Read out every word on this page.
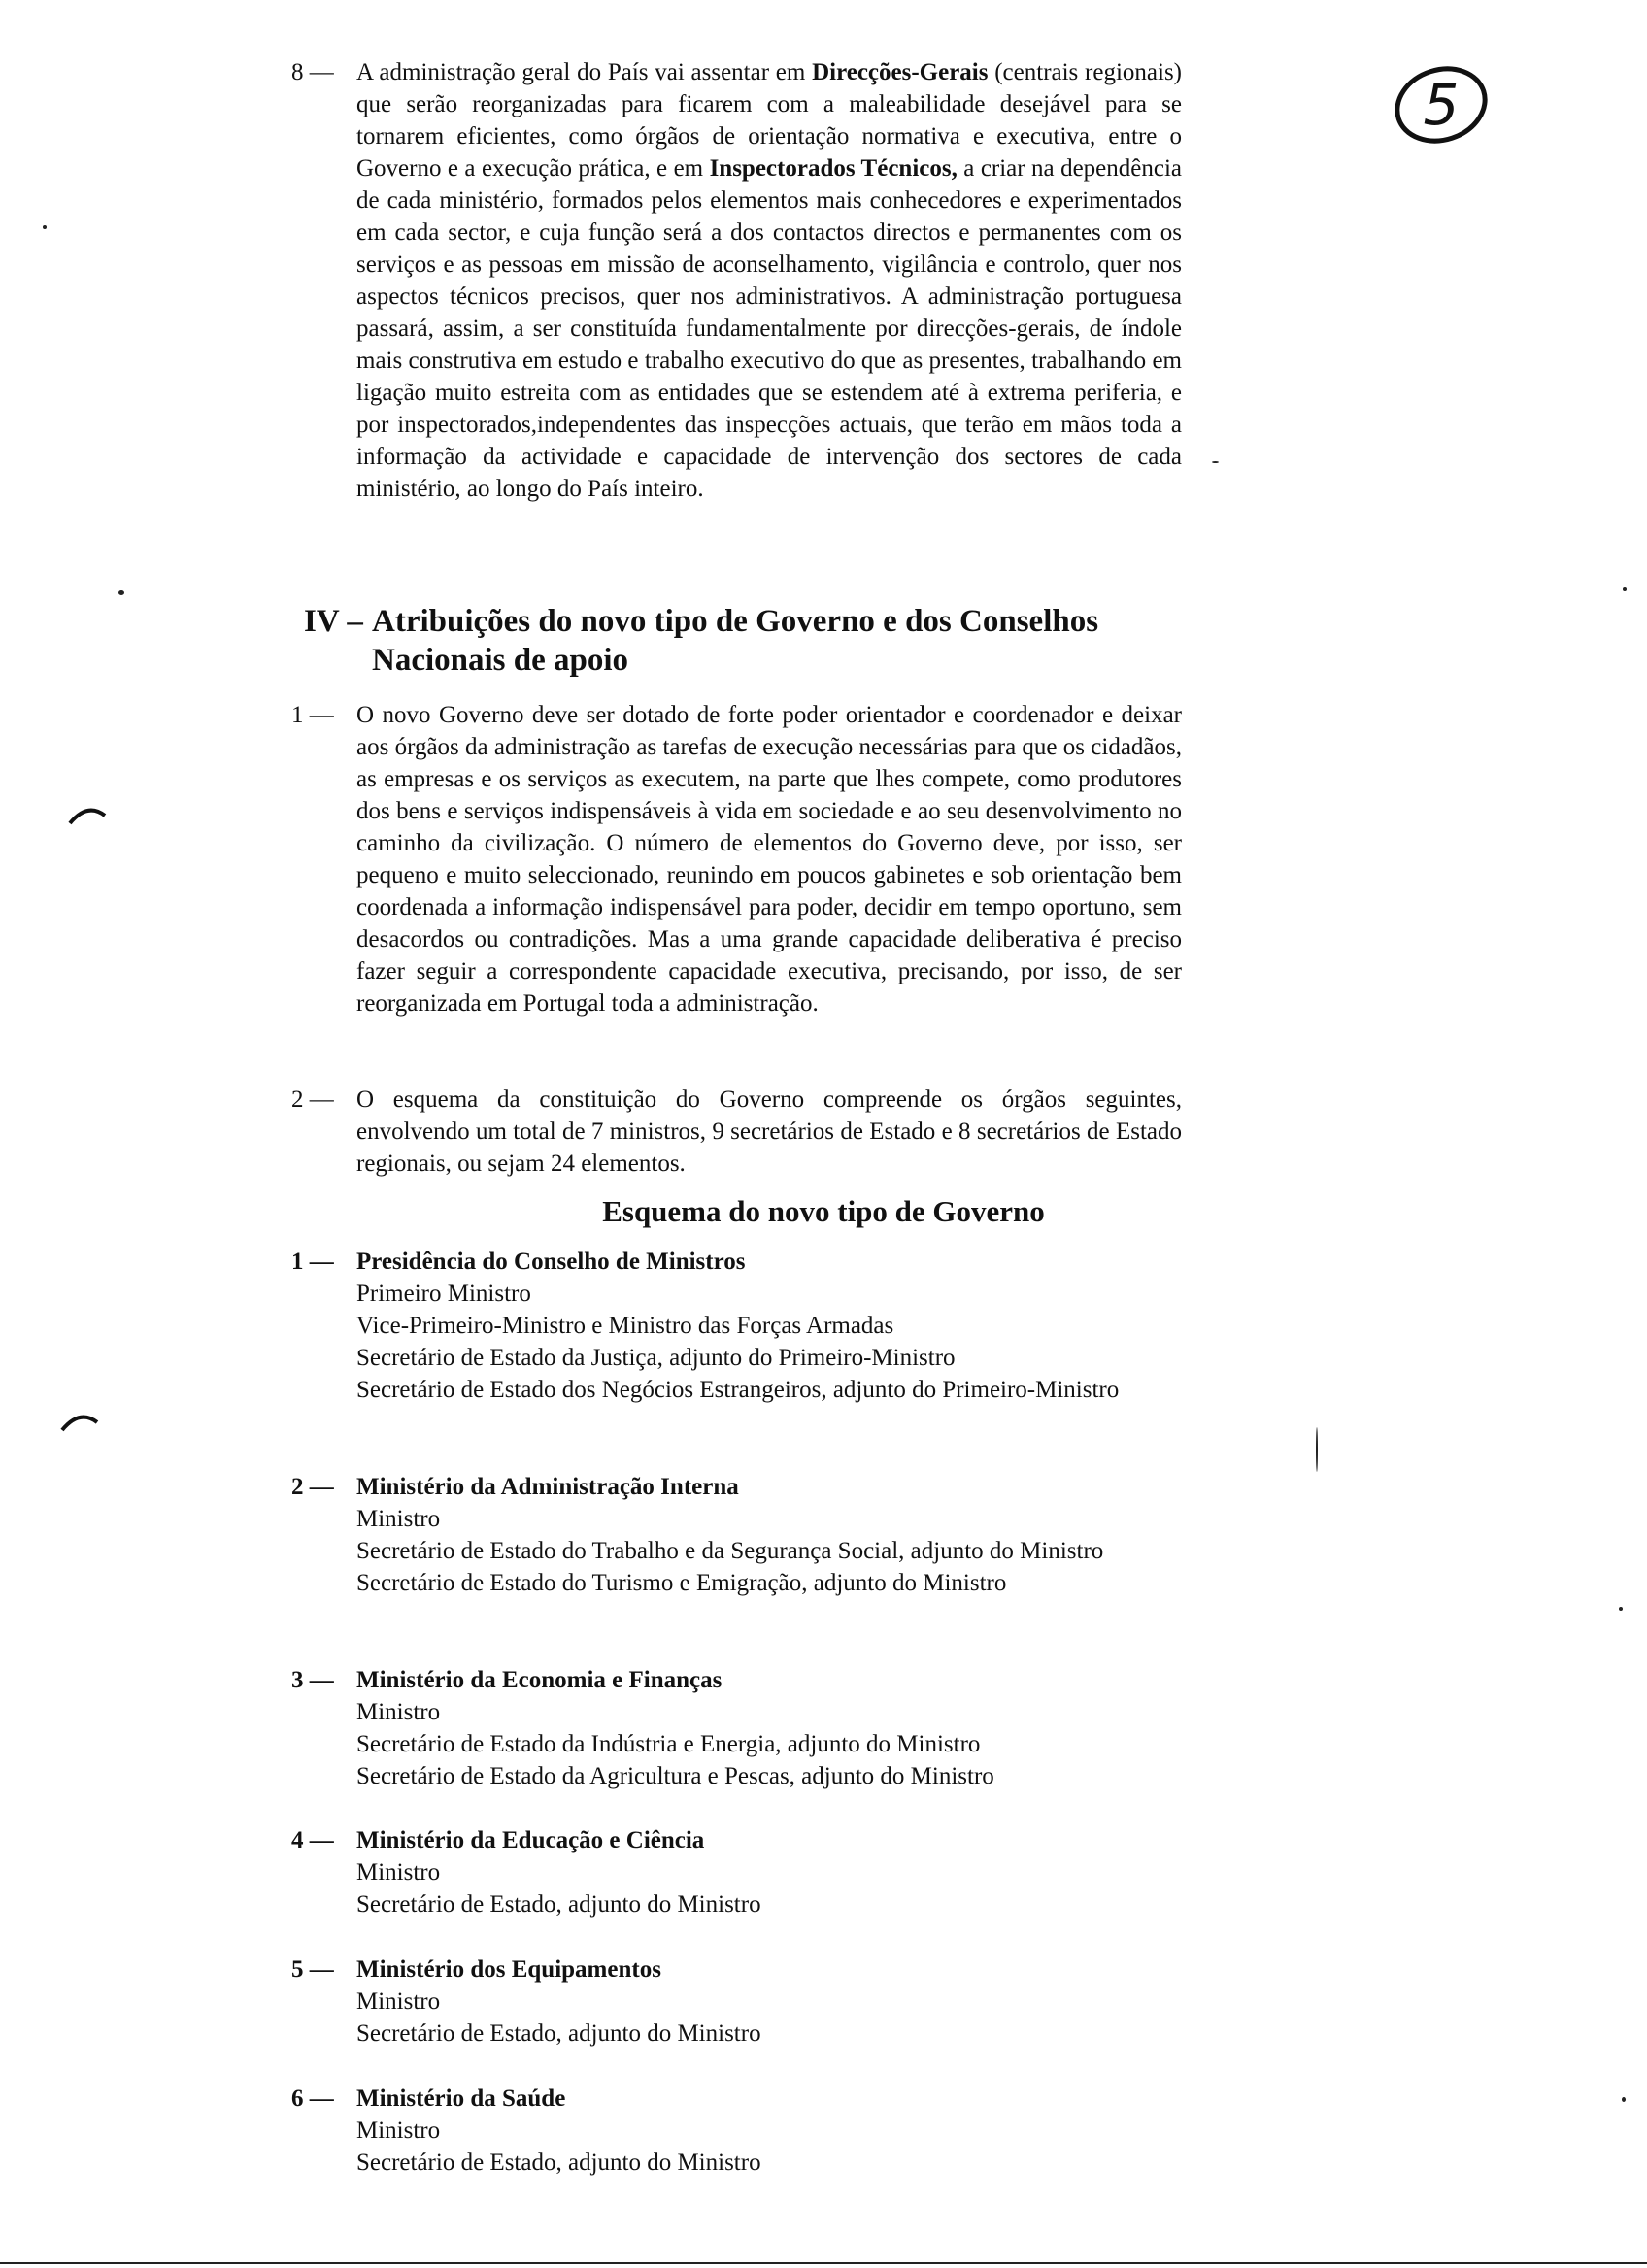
5
8 — A administração geral do País vai assentar em Direcções-Gerais (centrais regionais) que serão reorganizadas para ficarem com a maleabilidade desejável para se tornarem eficientes, como órgãos de orientação normativa e executiva, entre o Governo e a execução prática, e em Inspectorados Técnicos, a criar na dependência de cada ministério, formados pelos elementos mais conhecedores e experimentados em cada sector, e cuja função será a dos contactos directos e permanentes com os serviços e as pessoas em missão de aconselhamento, vigilância e controlo, quer nos aspectos técnicos precisos, quer nos administrativos. A administração portuguesa passará, assim, a ser constituída fundamentalmente por direcções-gerais, de índole mais construtiva em estudo e trabalho executivo do que as presentes, trabalhando em ligação muito estreita com as entidades que se estendem até à extrema periferia, e por inspectorados,independentes das inspecções actuais, que terão em mãos toda a informação da actividade e capacidade de intervenção dos sectores de cada ministério, ao longo do País inteiro.
IV – Atribuições do novo tipo de Governo e dos Conselhos
Nacionais de apoio
1 — O novo Governo deve ser dotado de forte poder orientador e coordenador e deixar aos órgãos da administração as tarefas de execução necessárias para que os cidadãos, as empresas e os serviços as executem, na parte que lhes compete, como produtores dos bens e serviços indispensáveis à vida em sociedade e ao seu desenvolvimento no caminho da civilização. O número de elementos do Governo deve, por isso, ser pequeno e muito seleccionado, reunindo em poucos gabinetes e sob orientação bem coordenada a informação indispensável para poder, decidir em tempo oportuno, sem desacordos ou contradições. Mas a uma grande capacidade deliberativa é preciso fazer seguir a correspondente capacidade executiva, precisando, por isso, de ser reorganizada em Portugal toda a administração.
2 — O esquema da constituição do Governo compreende os órgãos seguintes, envolvendo um total de 7 ministros, 9 secretários de Estado e 8 secretários de Estado regionais, ou sejam 24 elementos.
Esquema do novo tipo de Governo
1 — Presidência do Conselho de Ministros
Primeiro Ministro
Vice-Primeiro-Ministro e Ministro das Forças Armadas
Secretário de Estado da Justiça, adjunto do Primeiro-Ministro
Secretário de Estado dos Negócios Estrangeiros, adjunto do Primeiro-Ministro
2 — Ministério da Administração Interna
Ministro
Secretário de Estado do Trabalho e da Segurança Social, adjunto do Ministro
Secretário de Estado do Turismo e Emigração, adjunto do Ministro
3 — Ministério da Economia e Finanças
Ministro
Secretário de Estado da Indústria e Energia, adjunto do Ministro
Secretário de Estado da Agricultura e Pescas, adjunto do Ministro
4 — Ministério da Educação e Ciência
Ministro
Secretário de Estado, adjunto do Ministro
5 — Ministério dos Equipamentos
Ministro
Secretário de Estado, adjunto do Ministro
6 — Ministério da Saúde
Ministro
Secretário de Estado, adjunto do Ministro
